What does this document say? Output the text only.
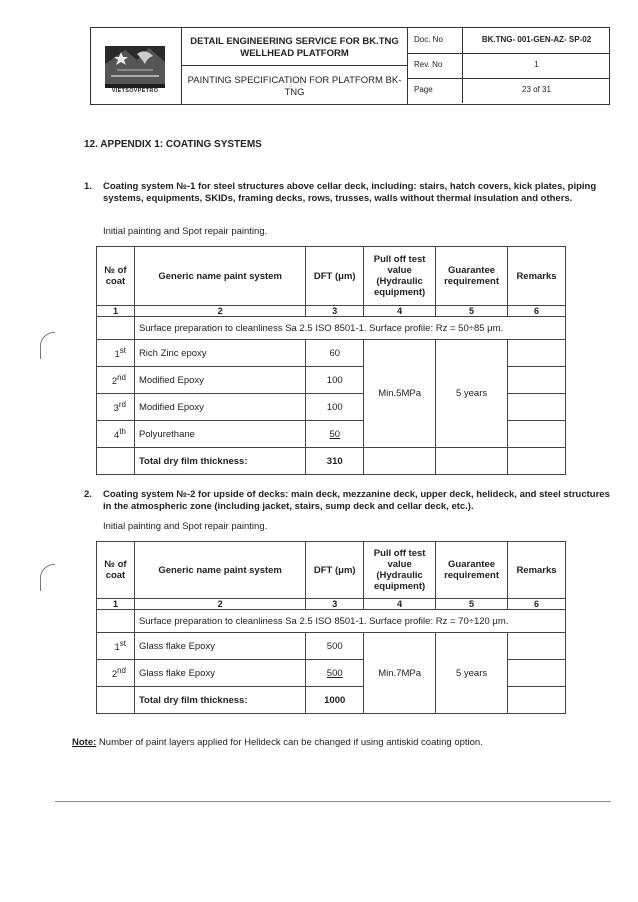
VIETSOVPETRO
DETAIL ENGINEERING SERVICE FOR BK.TNG WELLHEAD PLATFORM
PAINTING SPECIFICATION FOR PLATFORM BK-TNG
Doc. No	BK.TNG- 001-GEN-AZ- SP-02
Rev. No	1
Page	23 of 31
12. APPENDIX 1: COATING SYSTEMS
1. Coating system №-1 for steel structures above cellar deck, including: stairs, hatch covers, kick plates, piping systems, equipments, SKIDs, framing decks, rows, trusses, walls without thermal insulation and others.
Initial painting and Spot repair painting.
№ of coat	Generic name paint system	DFT (μm)	Pull off test value (Hydraulic equipment)	Guarantee requirement	Remarks
1	2	3	4	5	6
	Surface preparation to cleanliness Sa 2.5 ISO 8501-1. Surface profile: Rz = 50÷85 μm.				
1st	Rich Zinc epoxy	60	Min.5MPa	5 years	
2nd	Modified Epoxy	100			
3rd	Modified Epoxy	100			
4th	Polyurethane	50			
	Total dry film thickness:	310			
2. Coating system №-2 for upside of decks: main deck, mezzanine deck, upper deck, helideck, and steel structures in the atmospheric zone (including jacket, stairs, sump deck and cellar deck, etc.).
Initial painting and Spot repair painting.
№ of coat	Generic name paint system	DFT (μm)	Pull off test value (Hydraulic equipment)	Guarantee requirement	Remarks
1	2	3	4	5	6
	Surface preparation to cleanliness Sa 2.5 ISO 8501-1. Surface profile: Rz = 70÷120 μm.				
1st	Glass flake Epoxy	500	Min.7MPa	5 years	
2nd	Glass flake Epoxy	500			
	Total dry film thickness:	1000			
Note: Number of paint layers applied for Helideck can be changed if using antiskid coating option.
